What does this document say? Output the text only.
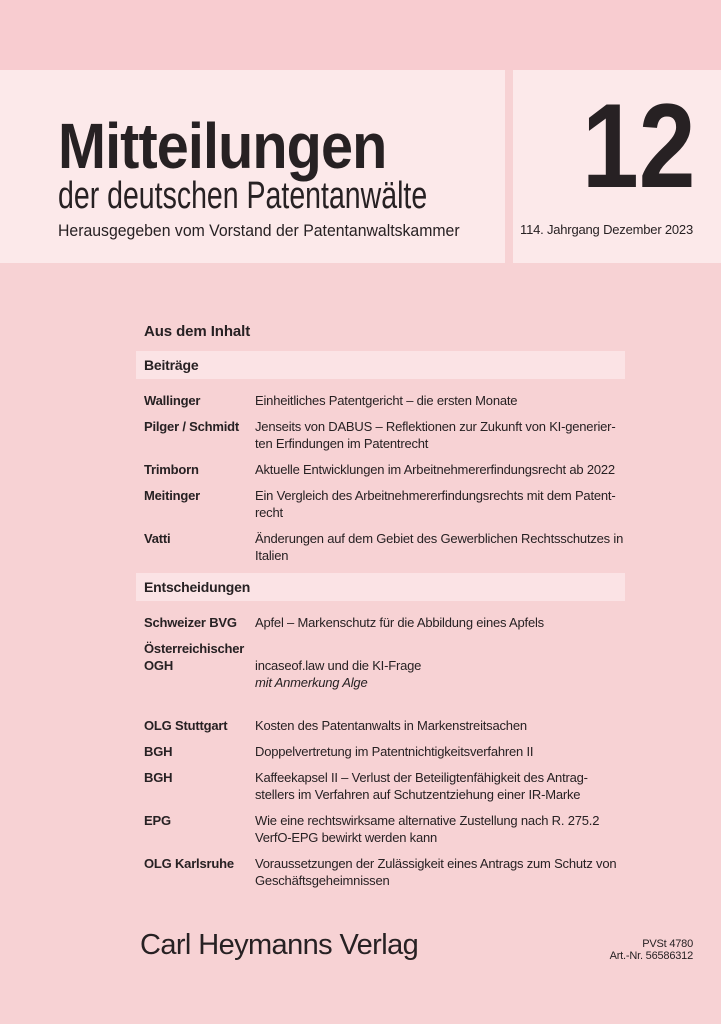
Mitteilungen
der deutschen Patentanwälte
Herausgegeben vom Vorstand der Patentanwaltskammer
12
114. Jahrgang Dezember 2023
Aus dem Inhalt
Beiträge
Wallinger	Einheitliches Patentgericht – die ersten Monate
Pilger / Schmidt	Jenseits von DABUS – Reflektionen zur Zukunft von KI-generier-
ten Erfindungen im Patentrecht
Trimborn	Aktuelle Entwicklungen im Arbeitnehmererfindungsrecht ab 2022
Meitinger	Ein Vergleich des Arbeitnehmererfindungsrechts mit dem Patent-
recht
Vatti	Änderungen auf dem Gebiet des Gewerblichen Rechtsschutzes in
Italien
Entscheidungen
Schweizer BVG	Apfel – Markenschutz für die Abbildung eines Apfels
Österreichischer
OGH	incaseof.law und die KI-Frage

mit Anmerkung Alge

OLG Stuttgart	Kosten des Patentanwalts in Markenstreitsachen
BGH	Doppelvertretung im Patentnichtigkeitsverfahren II
BGH	Kaffeekapsel II – Verlust der Beteiligtenfähigkeit des Antrag-
stellers im Verfahren auf Schutzentziehung einer IR-Marke
EPG	Wie eine rechtswirksame alternative Zustellung nach R. 275.2
VerfO-EPG bewirkt werden kann
OLG Karlsruhe	Voraussetzungen der Zulässigkeit eines Antrags zum Schutz von
Geschäftsgeheimnissen
Carl Heymanns Verlag	PVSt 4780
Art.-Nr. 56586312
